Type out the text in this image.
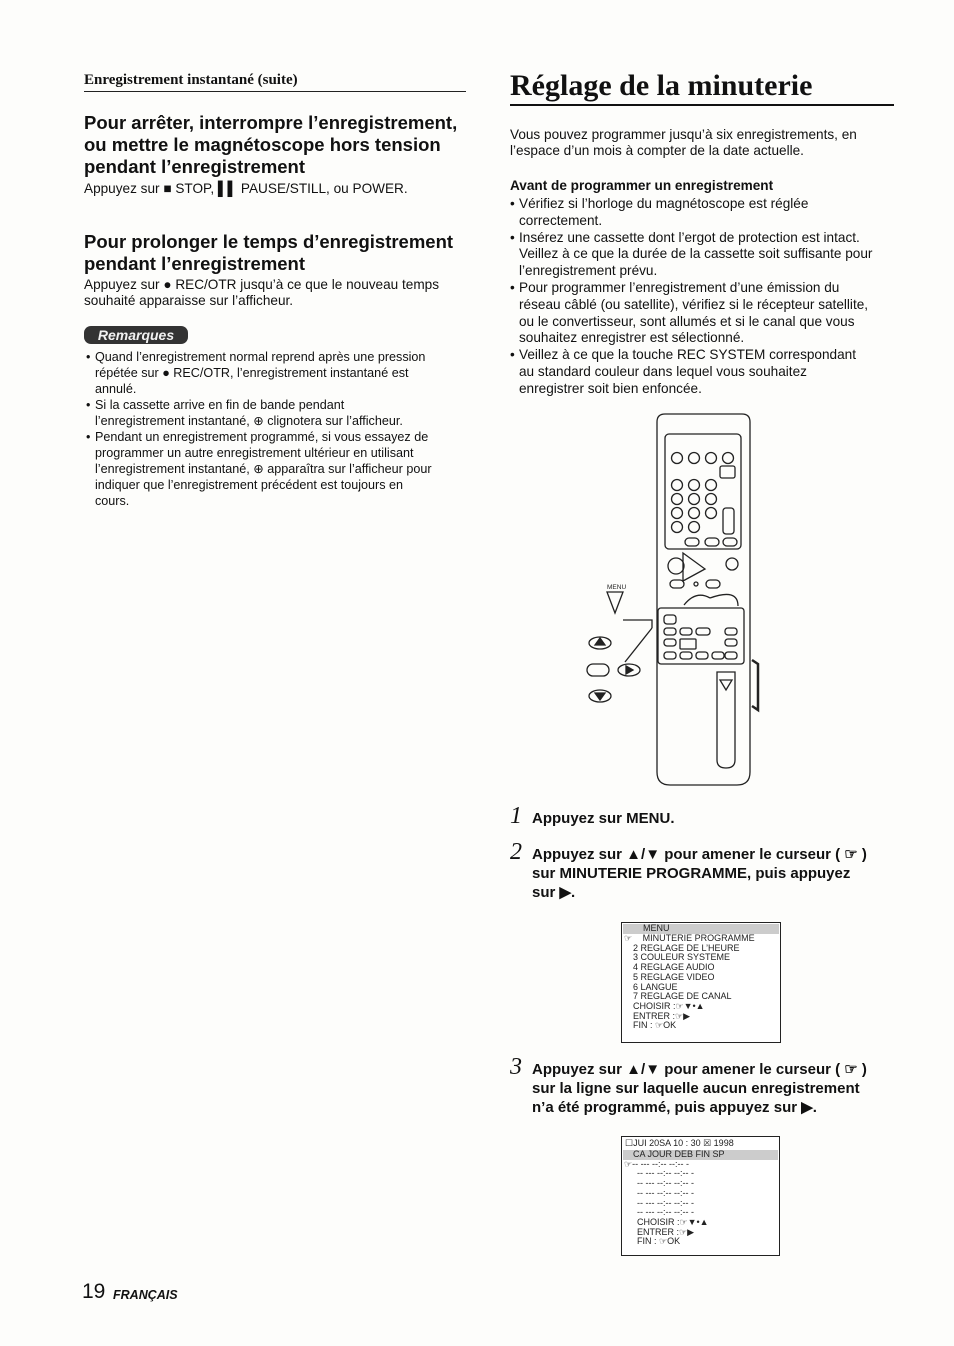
Enregistrement instantané (suite)
Pour arrêter, interrompre l’enregistrement,
ou mettre le magnétoscope hors tension
pendant l’enregistrement
Appuyez sur ■ STOP, ▌▌ PAUSE/STILL, ou POWER.
Pour prolonger le temps d’enregistrement
pendant l’enregistrement
Appuyez sur ● REC/OTR jusqu’à ce que le nouveau temps
souhaité apparaisse sur l’afficheur.
Remarques
• Quand l’enregistrement normal reprend après une pression
répétée sur ● REC/OTR, l’enregistrement instantané est
annulé.
• Si la cassette arrive en fin de bande pendant
l’enregistrement instantané, ⊕ clignotera sur l’afficheur.
• Pendant un enregistrement programmé, si vous essayez de
programmer un autre enregistrement ultérieur en utilisant
l’enregistrement instantané, ⊕ apparaîtra sur l’afficheur pour
indiquer que l’enregistrement précédent est toujours en
cours.
Réglage de la minuterie
Vous pouvez programmer jusqu’à six enregistrements, en
l’espace d’un mois à compter de la date actuelle.
Avant de programmer un enregistrement
• Vérifiez si l’horloge du magnétoscope est réglée
correctement.
• Insérez une cassette dont l’ergot de protection est intact.
Veillez à ce que la durée de la cassette soit suffisante pour
l’enregistrement prévu.
• Pour programmer l’enregistrement d’une émission du
réseau câblé (ou satellite), vérifiez si le récepteur satellite,
ou le convertisseur, sont allumés et si le canal que vous
souhaitez enregistrer est sélectionné.
• Veillez à ce que la touche REC SYSTEM correspondant
au standard couleur dans lequel vous souhaitez
enregistrer soit bien enfoncée.
MENU
1 Appuyez sur MENU.
2 Appuyez sur ▲/▼ pour amener le curseur ( ☞ )
sur MINUTERIE PROGRAMME, puis appuyez
sur ▶.
MENU
☞ MINUTERIE PROGRAMME
2 REGLAGE DE L’HEURE
3 COULEUR SYSTEME
4 REGLAGE AUDIO
5 REGLAGE VIDEO
6 LANGUE
7 REGLAGE DE CANAL
CHOISIR :☞▼•▲
ENTRER :☞▶
FIN : ☞OK
3 Appuyez sur ▲/▼ pour amener le curseur ( ☞ )
sur la ligne sur laquelle aucun enregistrement
n’a été programmé, puis appuyez sur ▶.
☐JUI 20SA 10 : 30 ☒ 1998
CA JOUR DEB FIN SP
☞-- --- --:-- --:-- -
-- --- --:-- --:-- -
-- --- --:-- --:-- -
-- --- --:-- --:-- -
-- --- --:-- --:-- -
-- --- --:-- --:-- -
CHOISIR :☞▼•▲
ENTRER :☞▶
FIN : ☞OK
19 FRANÇAIS
